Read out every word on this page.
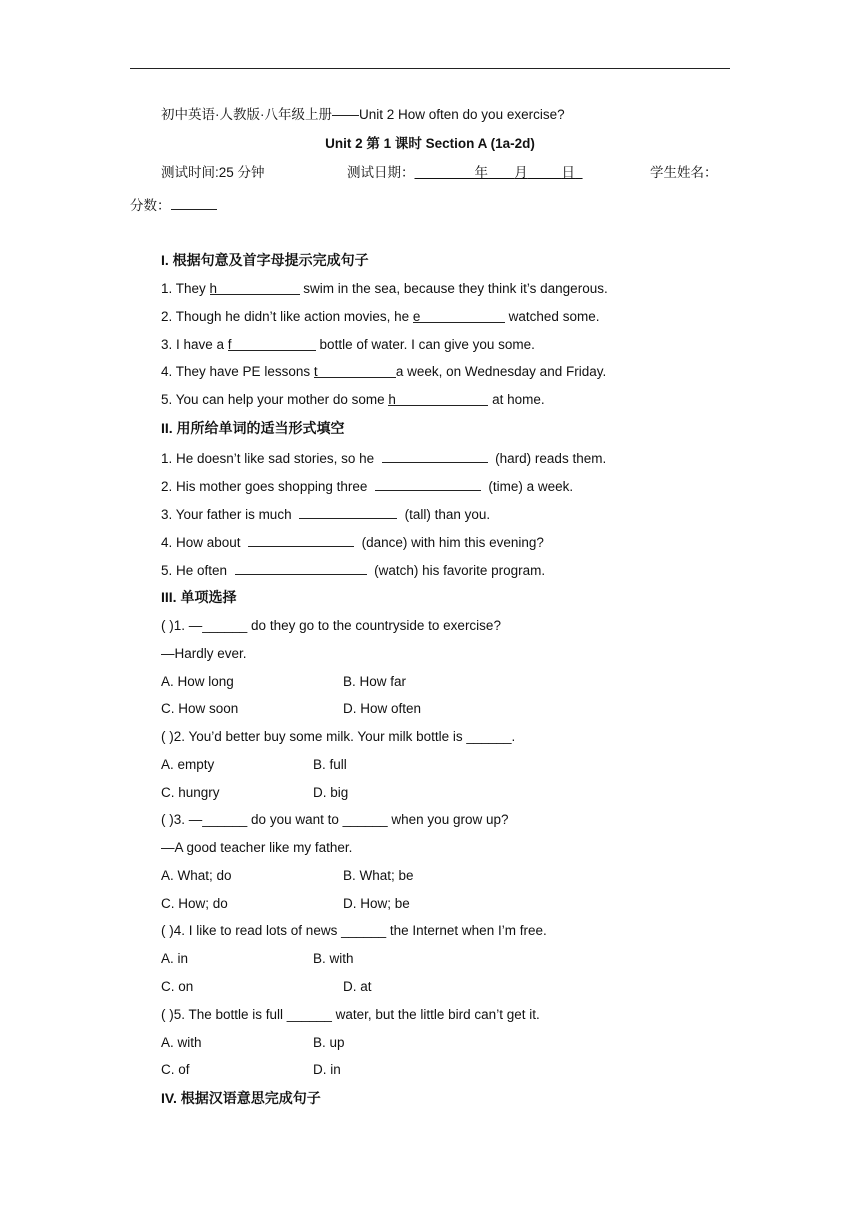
初中英语·人教版·八年级上册——Unit 2 How often do you exercise?
Unit 2 第 1 课时 Section A (1a-2d)
测试时间:25 分钟	测试日期：	年 月	日	学生姓名：
分数：
I. 根据句意及首字母提示完成句子
1. They h	swim in the sea, because they think it’s dangerous.
2. Though he didn’t like action movies, he e	watched some.
3. I have a f	bottle of water. I can give you some.
4. They have PE lessons t	a week, on Wednesday and Friday.
5. You can help your mother do some h	at home.
II. 用所给单词的适当形式填空
1. He doesn’t like sad stories, so he	(hard) reads them.
2. His mother goes shopping three	(time) a week.
3. Your father is much	(tall) than you.
4. How about	(dance) with him this evening?
5. He often	(watch) his favorite program.
III. 单项选择
( )1. —______ do they go to the countryside to exercise?
—Hardly ever.
A. How long	B. How far
C. How soon	D. How often
( )2. You’d better buy some milk. Your milk bottle is ______.
A. empty	B. full
C. hungry	D. big
( )3. —______ do you want to ______ when you grow up?
—A good teacher like my father.
A. What; do	B. What; be
C. How; do	D. How; be
( )4. I like to read lots of news ______ the Internet when I’m free.
A. in	B. with
C. on	D. at
( )5. The bottle is full ______ water, but the little bird can’t get it.
A. with	B. up
C. of	D. in
IV. 根据汉语意思完成句子
